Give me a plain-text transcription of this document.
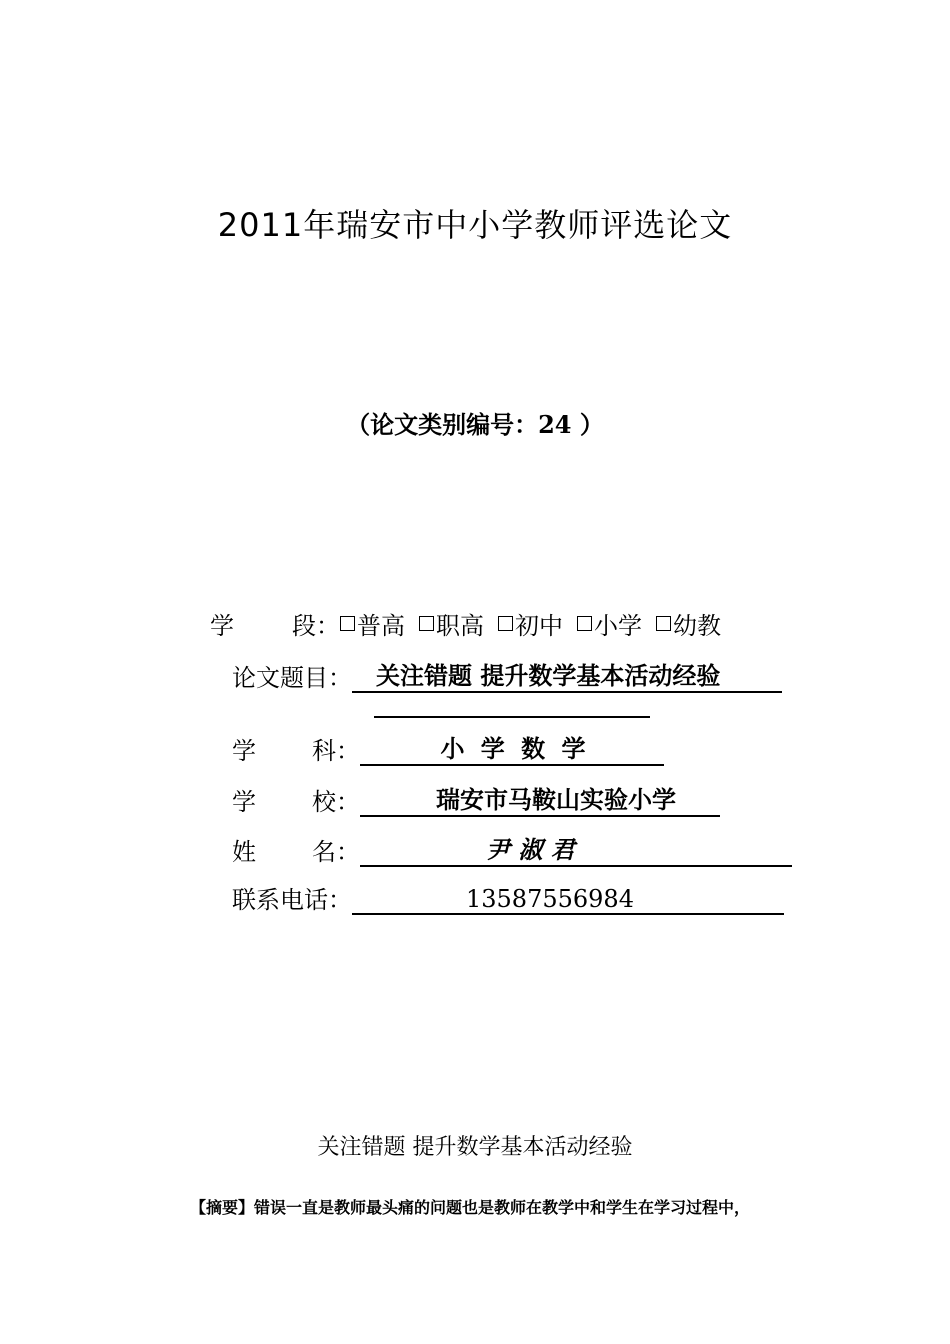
2011年瑞安市中小学教师评选论文
（论文类别编号：24 ）
学 段： 普高 职高 初中 小学 幼教
论文题目：	关注错题 提升数学基本活动经验
学 科：	小 学 数 学
学 校：	瑞安市马鞍山实验小学
姓 名：	尹 淑 君
联系电话：	13587556984
关注错题 提升数学基本活动经验
【摘要】错误一直是教师最头痛的问题也是教师在教学中和学生在学习过程中，
